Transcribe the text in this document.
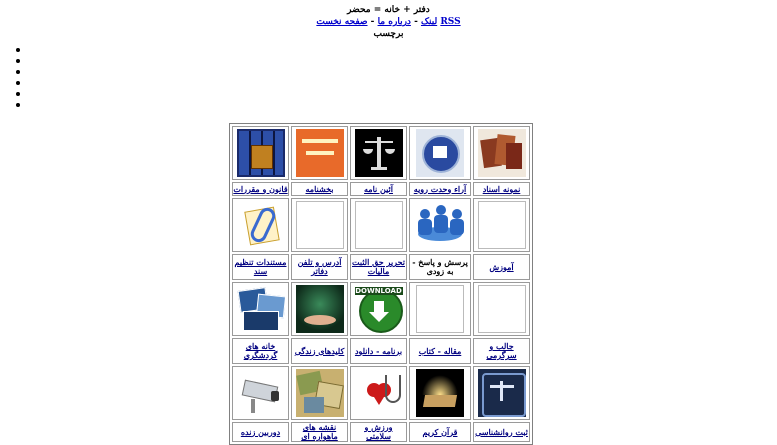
دفتر + خانه = محضر
لینک - درباره ما - صفحه نخست	RSS
برچسب

قانون و مقررات	بخشنامه	آئین نامه	آراء وحدت رویه	نمونه اسناد

مستندات تنظیم سند	آدرس و تلفن دفاتر	تحریر حق الثبت مالیات	پرسش و پاسخ - به زودی	آموزش

		DOWNLOAD		

خانه های گردشگری	کلیدهای زندگی	برنامه - دانلود	مقاله - کتاب	جالب و سرگرمی

دوربین زنده	نقشه های ماهواره ای	ورزش و سلامتی	قرآن کریم	ثبت روانشناسی
